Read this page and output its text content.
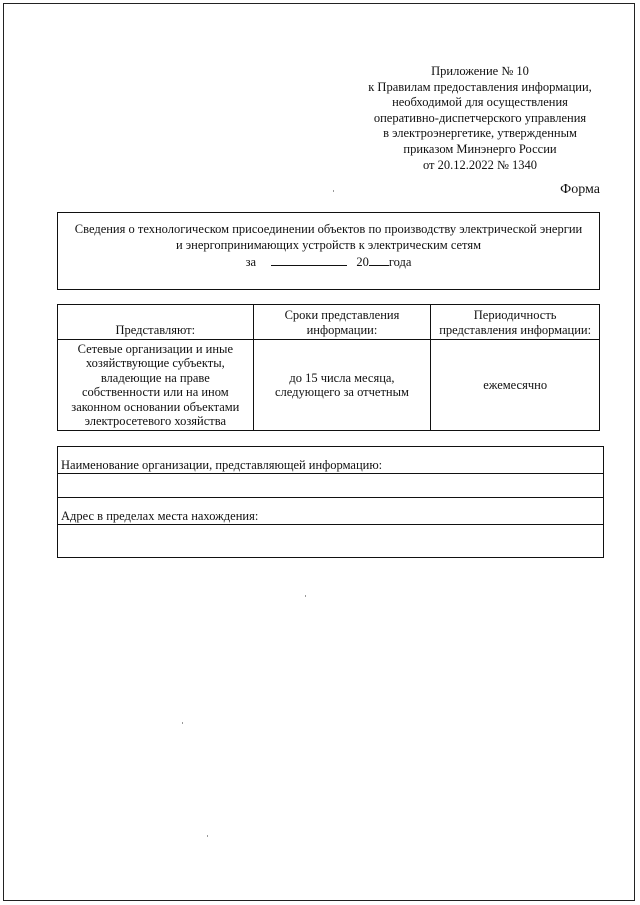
Приложение № 10
к Правилам предоставления информации,
необходимой для осуществления
оперативно-диспетчерского управления
в электроэнергетике, утвержденным
приказом Минэнерго России
от 20.12.2022 № 1340
Форма
Сведения о технологическом присоединении объектов по производству электрической энергии
и энергопринимающих устройств к электрическим сетям
за	20 года
Представляют:	Сроки представления информации:	Периодичность представления информации:
Сетевые организации и иные хозяйствующие субъекты, владеющие на праве собственности или на ином законном основании объектами электросетевого хозяйства	до 15 числа месяца, следующего за отчетным	ежемесячно
Наименование организации, представляющей информацию:
Адрес в пределах места нахождения:
